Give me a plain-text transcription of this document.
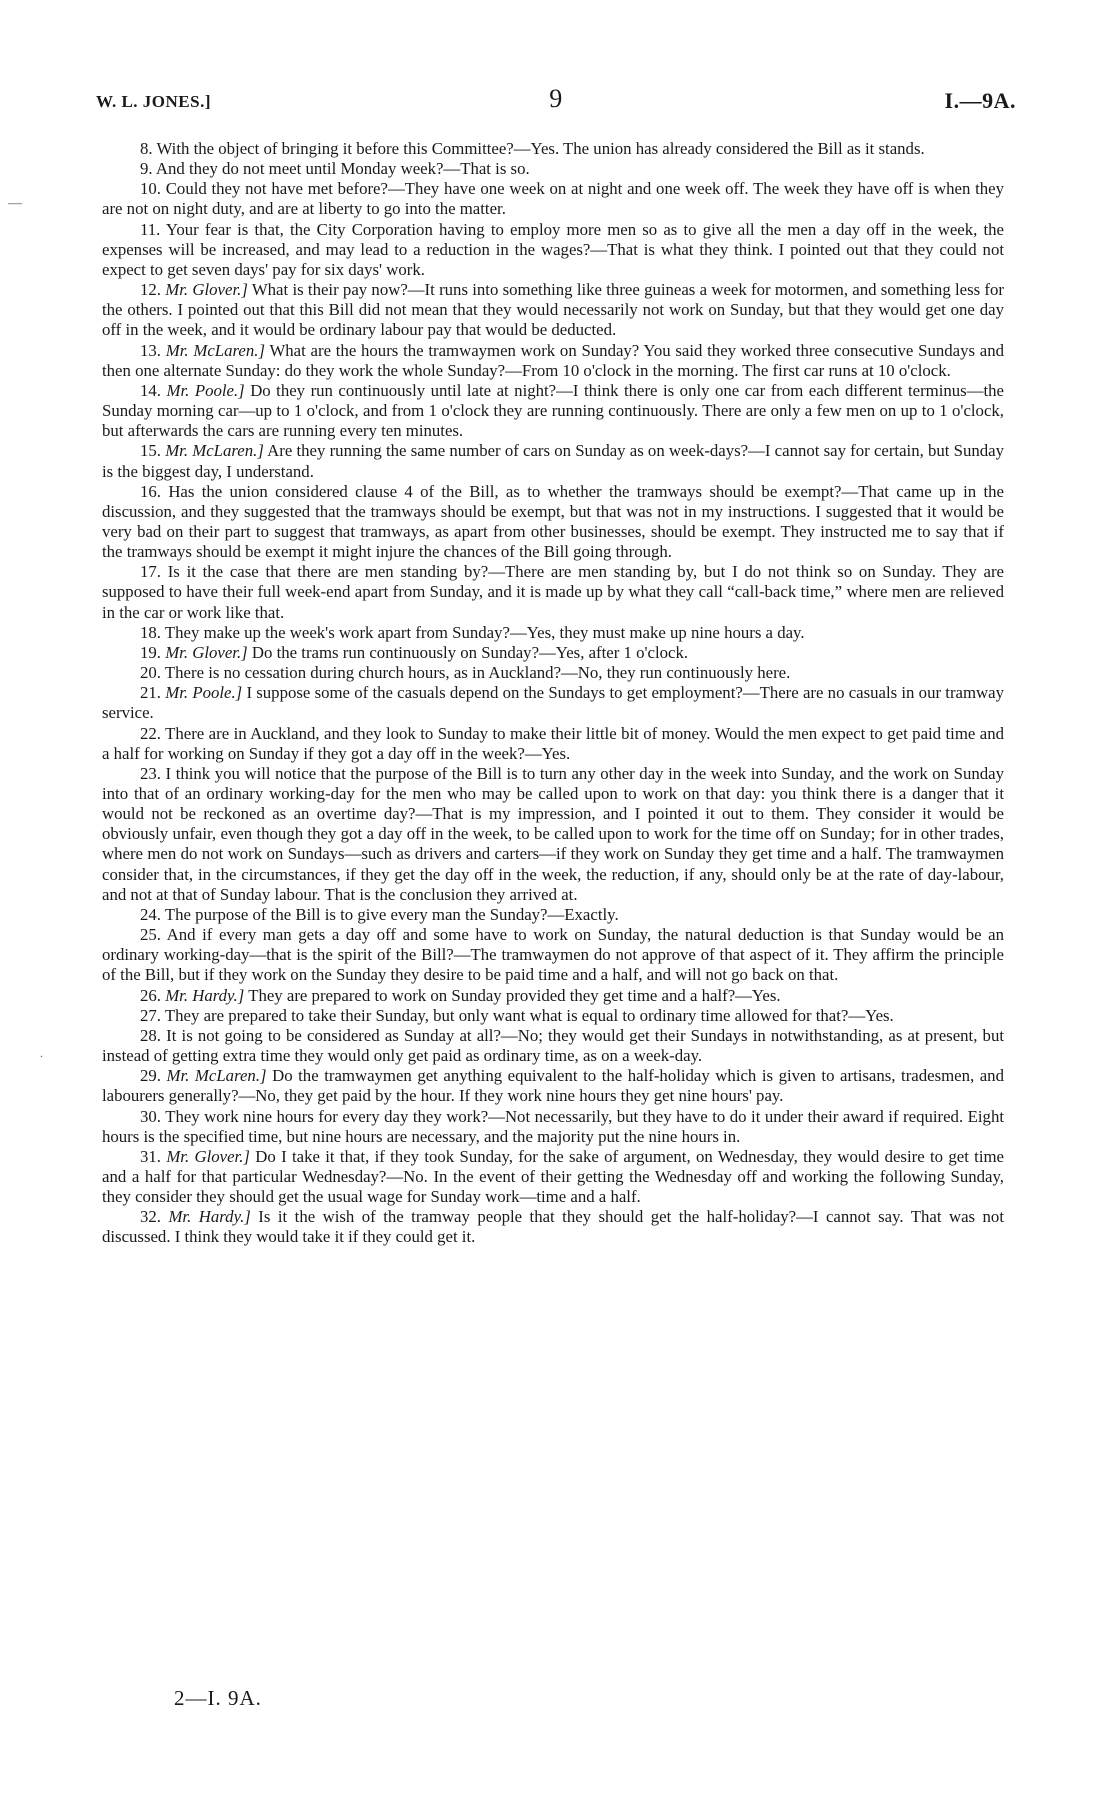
W. L. JONES.]	9	I.—9A.
—
.

8. With the object of bringing it before this Committee?—Yes. The union has already considered the Bill as it stands.

9. And they do not meet until Monday week?—That is so.

10. Could they not have met before?—They have one week on at night and one week off. The week they have off is when they are not on night duty, and are at liberty to go into the matter.

11. Your fear is that, the City Corporation having to employ more men so as to give all the men a day off in the week, the expenses will be increased, and may lead to a reduction in the wages?—That is what they think. I pointed out that they could not expect to get seven days' pay for six days' work.

12. Mr. Glover.] What is their pay now?—It runs into something like three guineas a week for motormen, and something less for the others. I pointed out that this Bill did not mean that they would necessarily not work on Sunday, but that they would get one day off in the week, and it would be ordinary labour pay that would be deducted.

13. Mr. McLaren.] What are the hours the tramwaymen work on Sunday? You said they worked three consecutive Sundays and then one alternate Sunday: do they work the whole Sunday?—From 10 o'clock in the morning. The first car runs at 10 o'clock.

14. Mr. Poole.] Do they run continuously until late at night?—I think there is only one car from each different terminus—the Sunday morning car—up to 1 o'clock, and from 1 o'clock they are running continuously. There are only a few men on up to 1 o'clock, but afterwards the cars are running every ten minutes.

15. Mr. McLaren.] Are they running the same number of cars on Sunday as on week-days?—I cannot say for certain, but Sunday is the biggest day, I understand.

16. Has the union considered clause 4 of the Bill, as to whether the tramways should be exempt?—That came up in the discussion, and they suggested that the tramways should be exempt, but that was not in my instructions. I suggested that it would be very bad on their part to suggest that tramways, as apart from other businesses, should be exempt. They instructed me to say that if the tramways should be exempt it might injure the chances of the Bill going through.

17. Is it the case that there are men standing by?—There are men standing by, but I do not think so on Sunday. They are supposed to have their full week-end apart from Sunday, and it is made up by what they call “call-back time,” where men are relieved in the car or work like that.

18. They make up the week's work apart from Sunday?—Yes, they must make up nine hours a day.

19. Mr. Glover.] Do the trams run continuously on Sunday?—Yes, after 1 o'clock.

20. There is no cessation during church hours, as in Auckland?—No, they run continuously here.

21. Mr. Poole.] I suppose some of the casuals depend on the Sundays to get employment?—There are no casuals in our tramway service.

22. There are in Auckland, and they look to Sunday to make their little bit of money. Would the men expect to get paid time and a half for working on Sunday if they got a day off in the week?—Yes.

23. I think you will notice that the purpose of the Bill is to turn any other day in the week into Sunday, and the work on Sunday into that of an ordinary working-day for the men who may be called upon to work on that day: you think there is a danger that it would not be reckoned as an overtime day?—That is my impression, and I pointed it out to them. They consider it would be obviously unfair, even though they got a day off in the week, to be called upon to work for the time off on Sunday; for in other trades, where men do not work on Sundays—such as drivers and carters—if they work on Sunday they get time and a half. The tramwaymen consider that, in the circumstances, if they get the day off in the week, the reduction, if any, should only be at the rate of day-labour, and not at that of Sunday labour. That is the conclusion they arrived at.

24. The purpose of the Bill is to give every man the Sunday?—Exactly.

25. And if every man gets a day off and some have to work on Sunday, the natural deduction is that Sunday would be an ordinary working-day—that is the spirit of the Bill?—The tramwaymen do not approve of that aspect of it. They affirm the principle of the Bill, but if they work on the Sunday they desire to be paid time and a half, and will not go back on that.

26. Mr. Hardy.] They are prepared to work on Sunday provided they get time and a half?—Yes.

27. They are prepared to take their Sunday, but only want what is equal to ordinary time allowed for that?—Yes.

28. It is not going to be considered as Sunday at all?—No; they would get their Sundays in notwithstanding, as at present, but instead of getting extra time they would only get paid as ordinary time, as on a week-day.

29. Mr. McLaren.] Do the tramwaymen get anything equivalent to the half-holiday which is given to artisans, tradesmen, and labourers generally?—No, they get paid by the hour. If they work nine hours they get nine hours' pay.

30. They work nine hours for every day they work?—Not necessarily, but they have to do it under their award if required. Eight hours is the specified time, but nine hours are necessary, and the majority put the nine hours in.

31. Mr. Glover.] Do I take it that, if they took Sunday, for the sake of argument, on Wednesday, they would desire to get time and a half for that particular Wednesday?—No. In the event of their getting the Wednesday off and working the following Sunday, they consider they should get the usual wage for Sunday work—time and a half.

32. Mr. Hardy.] Is it the wish of the tramway people that they should get the half-holiday?—I cannot say. That was not discussed. I think they would take it if they could get it.

2—I. 9A.
